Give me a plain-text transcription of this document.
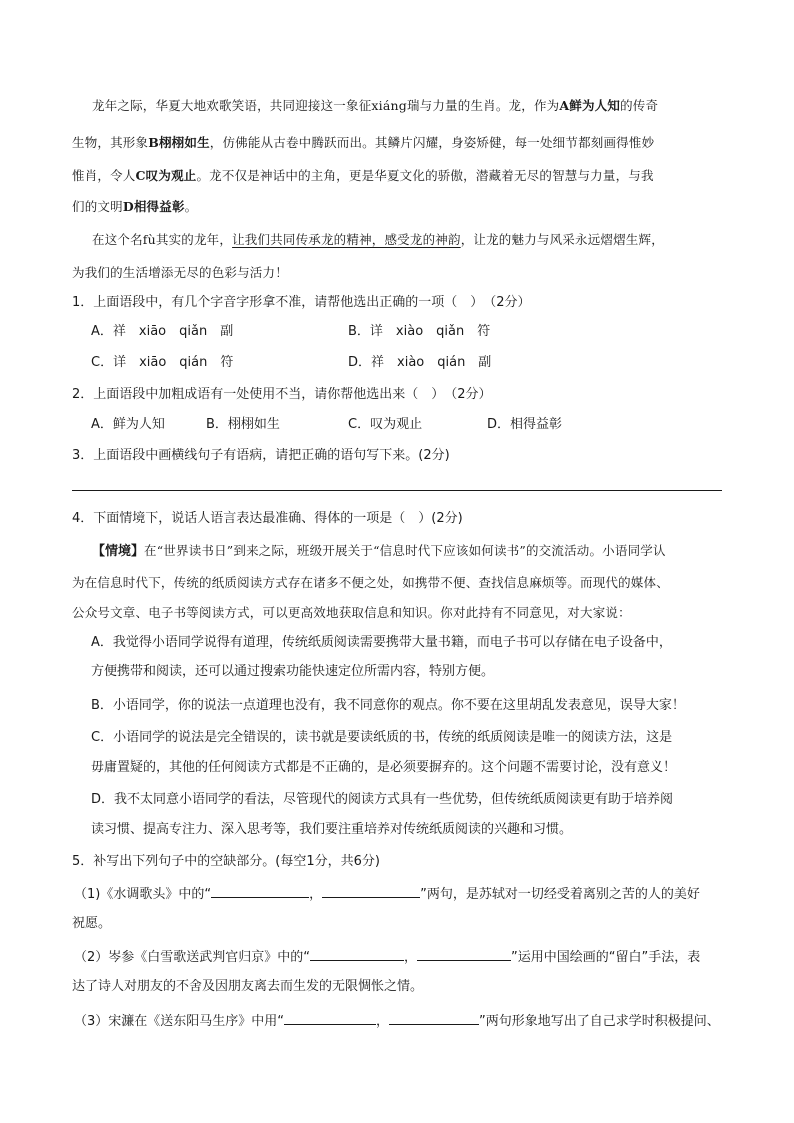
龙年之际，华夏大地欢歌笑语，共同迎接这一象征xiáng瑞与力量的生肖。龙，作为A鲜为人知的传奇
生物，其形象B栩栩如生，仿佛能从古卷中腾跃而出。其鳞片闪耀，身姿矫健，每一处细节都刻画得惟妙
惟肖，令人C叹为观止。龙不仅是神话中的主角，更是华夏文化的骄傲，潜藏着无尽的智慧与力量，与我
们的文明D相得益彰。
在这个名fù其实的龙年，让我们共同传承龙的精神，感受龙的神韵，让龙的魅力与风采永远熠熠生辉，
为我们的生活增添无尽的色彩与活力！
1．上面语段中，有几个字音字形拿不准，请帮他选出正确的一项（　）　（2分）
A．祥　xiāo　qiǎn　副	B．详　xiào　qiǎn　符
C．详　xiāo　qián　符	D．祥　xiào　qián　副
2．上面语段中加粗成语有一处使用不当，请你帮他选出来（　）　（2分）
A．鲜为人知	B．栩栩如生	C．叹为观止	D．相得益彰
3．上面语段中画横线句子有语病，请把正确的语句写下来。(2分)
4．下面情境下，说话人语言表达最准确、得体的一项是（　）(2分)
【情境】在“世界读书日”到来之际，班级开展关于“信息时代下应该如何读书”的交流活动。小语同学认
为在信息时代下，传统的纸质阅读方式存在诸多不便之处，如携带不便、查找信息麻烦等。而现代的媒体、
公众号文章、电子书等阅读方式，可以更高效地获取信息和知识。你对此持有不同意见，对大家说：
A．我觉得小语同学说得有道理，传统纸质阅读需要携带大量书籍，而电子书可以存储在电子设备中，
方便携带和阅读，还可以通过搜索功能快速定位所需内容，特别方便。
B．小语同学，你的说法一点道理也没有，我不同意你的观点。你不要在这里胡乱发表意见，误导大家！
C．小语同学的说法是完全错误的，读书就是要读纸质的书，传统的纸质阅读是唯一的阅读方法，这是
毋庸置疑的，其他的任何阅读方式都是不正确的，是必须要摒弃的。这个问题不需要讨论，没有意义！
D．我不太同意小语同学的看法，尽管现代的阅读方式具有一些优势，但传统纸质阅读更有助于培养阅
读习惯、提高专注力、深入思考等，我们要注重培养对传统纸质阅读的兴趣和习惯。
5．补写出下列句子中的空缺部分。(每空1分，共6分)
（1)《水调歌头》中的“	，	”两句，是苏轼对一切经受着离别之苦的人的美好
祝愿。
（2）岑参《白雪歌送武判官归京》中的“	，	”运用中国绘画的“留白”手法，表
达了诗人对朋友的不舍及因朋友离去而生发的无限惆怅之情。
（3）宋濂在《送东阳马生序》中用“	，	”两句形象地写出了自己求学时积极提问、
